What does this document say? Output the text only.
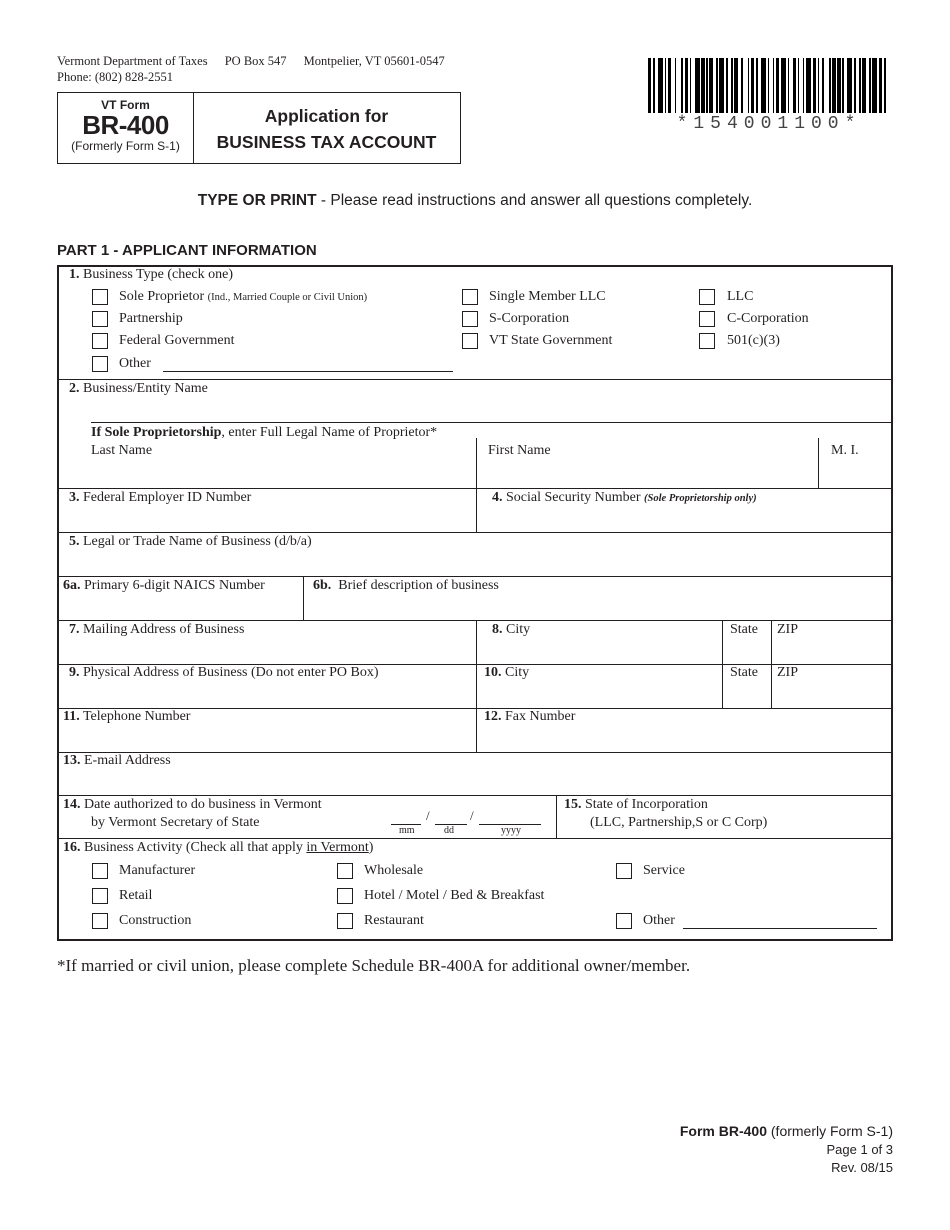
Vermont Department of Taxes PO Box 547 Montpelier, VT 05601-0547
Phone: (802) 828-2551
VT Form
BR-400
(Formerly Form S-1)
Application for
BUSINESS TAX ACCOUNT
*154001100*
TYPE OR PRINT - Please read instructions and answer all questions completely.
PART 1 - APPLICANT INFORMATION
1. Business Type (check one)
Sole Proprietor (Ind., Married Couple or Civil Union)
Partnership
Federal Government
Other
Single Member LLC
S-Corporation
VT State Government
LLC
C-Corporation
501(c)(3)
2. Business/Entity Name
If Sole Proprietorship, enter Full Legal Name of Proprietor*
Last Name	First Name	M. I.
3. Federal Employer ID Number	4. Social Security Number (Sole Proprietorship only)
5. Legal or Trade Name of Business (d/b/a)
6a. Primary 6-digit NAICS Number	6b. Brief description of business
7. Mailing Address of Business	8. City	State ZIP
9. Physical Address of Business (Do not enter PO Box)	10. City	State ZIP
11. Telephone Number	12. Fax Number
13. E-mail Address
14. Date authorized to do business in Vermont
by Vermont Secretary of State	/	/
mm	dd	yyyy
15. State of Incorporation
(LLC, Partnership,S or C Corp)
16. Business Activity (Check all that apply in Vermont)
Manufacturer
Retail
Construction
Wholesale
Hotel / Motel / Bed & Breakfast
Restaurant
Service
Other
*If married or civil union, please complete Schedule BR-400A for additional owner/member.
Form BR-400 (formerly Form S-1)
Page 1 of 3
Rev. 08/15
